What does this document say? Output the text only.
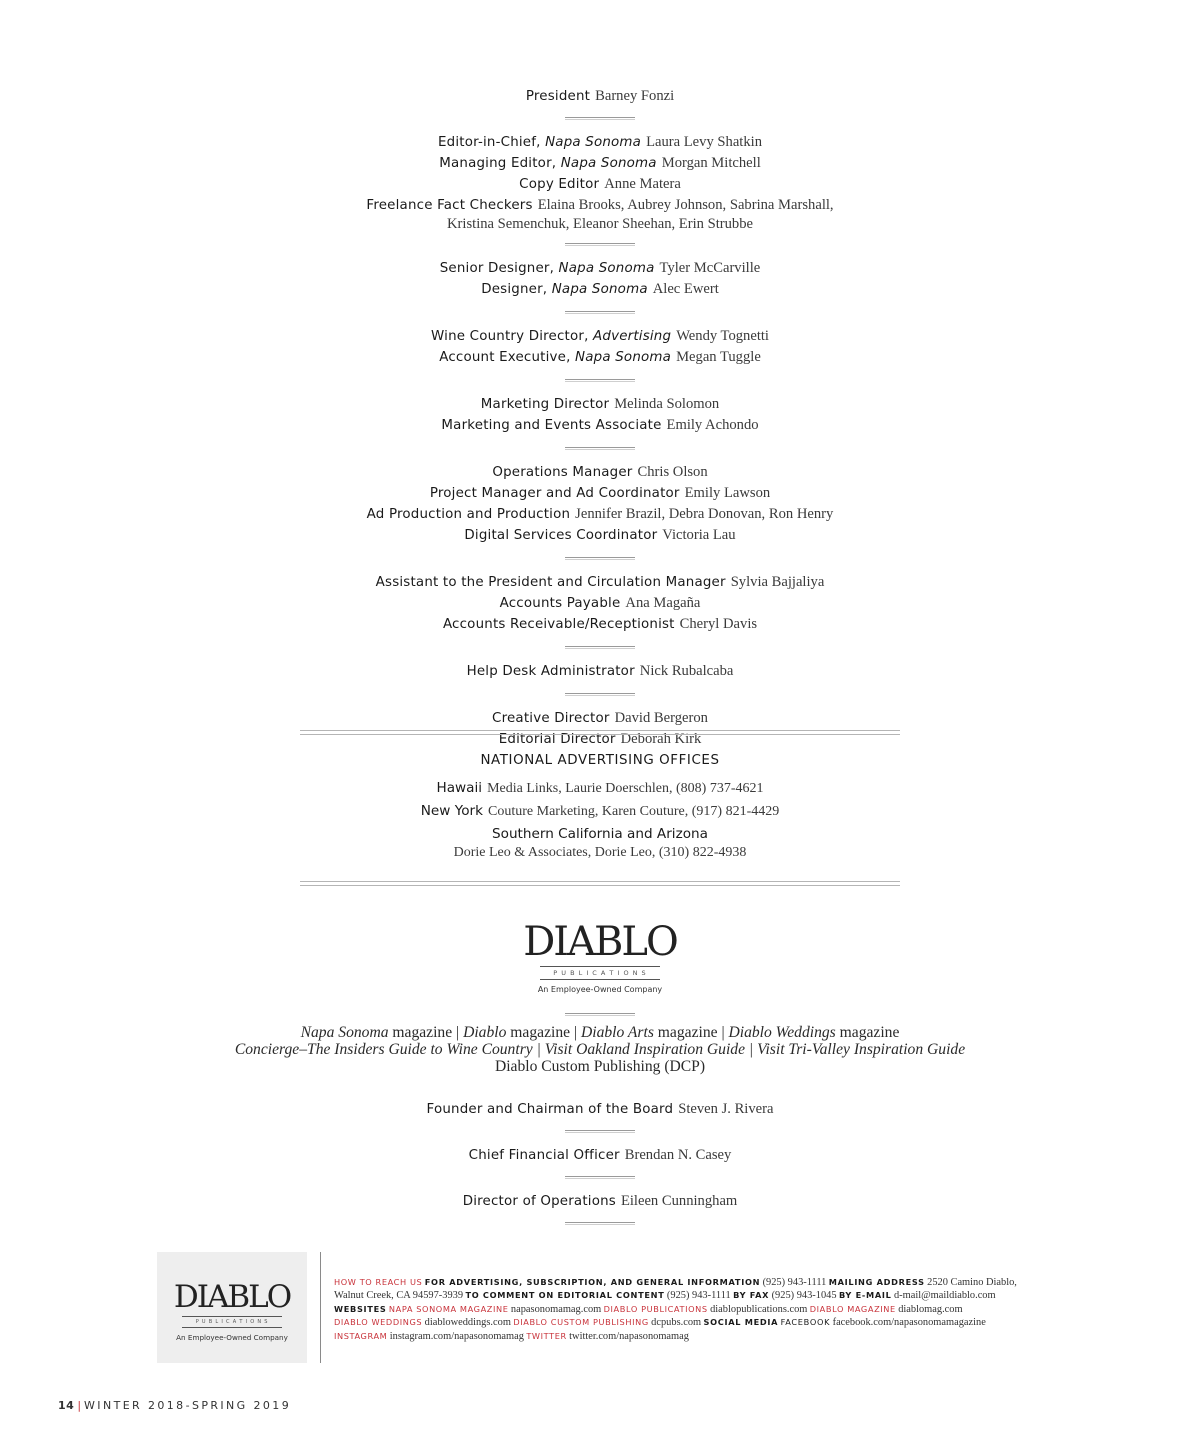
President Barney Fonzi
Editor-in-Chief, Napa Sonoma Laura Levy Shatkin
Managing Editor, Napa Sonoma Morgan Mitchell
Copy Editor Anne Matera
Freelance Fact Checkers Elaina Brooks, Aubrey Johnson, Sabrina Marshall,
Kristina Semenchuk, Eleanor Sheehan, Erin Strubbe
Senior Designer, Napa Sonoma Tyler McCarville
Designer, Napa Sonoma Alec Ewert
Wine Country Director, Advertising Wendy Tognetti
Account Executive, Napa Sonoma Megan Tuggle
Marketing Director Melinda Solomon
Marketing and Events Associate Emily Achondo
Operations Manager Chris Olson
Project Manager and Ad Coordinator Emily Lawson
Ad Production and Production Jennifer Brazil, Debra Donovan, Ron Henry
Digital Services Coordinator Victoria Lau
Assistant to the President and Circulation Manager Sylvia Bajjaliya
Accounts Payable Ana Magaña
Accounts Receivable/Receptionist Cheryl Davis
Help Desk Administrator Nick Rubalcaba
Creative Director David Bergeron
Editorial Director Deborah Kirk
NATIONAL ADVERTISING OFFICES
Hawaii Media Links, Laurie Doerschlen, (808) 737-4621
New York Couture Marketing, Karen Couture, (917) 821-4429
Southern California and Arizona
Dorie Leo & Associates, Dorie Leo, (310) 822-4938
DIABLO
P U B L I C A T I O N S
An Employee-Owned Company
Napa Sonoma magazine | Diablo magazine | Diablo Arts magazine | Diablo Weddings magazine
Concierge–The Insiders Guide to Wine Country | Visit Oakland Inspiration Guide | Visit Tri-Valley Inspiration Guide
Diablo Custom Publishing (DCP)
Founder and Chairman of the Board Steven J. Rivera
Chief Financial Officer Brendan N. Casey
Director of Operations Eileen Cunningham
DIABLO
P U B L I C A T I O N S
An Employee-Owned Company
HOW TO REACH US FOR ADVERTISING, SUBSCRIPTION, AND GENERAL INFORMATION (925) 943-1111 MAILING ADDRESS 2520 Camino Diablo,
Walnut Creek, CA 94597-3939 TO COMMENT ON EDITORIAL CONTENT (925) 943-1111 BY FAX (925) 943-1045 BY E-MAIL d-mail@maildiablo.com
WEBSITES NAPA SONOMA MAGAZINE napasonomamag.com DIABLO PUBLICATIONS diablopublications.com DIABLO MAGAZINE diablomag.com
DIABLO WEDDINGS diabloweddings.com DIABLO CUSTOM PUBLISHING dcpubs.com SOCIAL MEDIA FACEBOOK facebook.com/napasonomamagazine
INSTAGRAM instagram.com/napasonomamag TWITTER twitter.com/napasonomamag
14 | WINTER 2018-SPRING 2019
